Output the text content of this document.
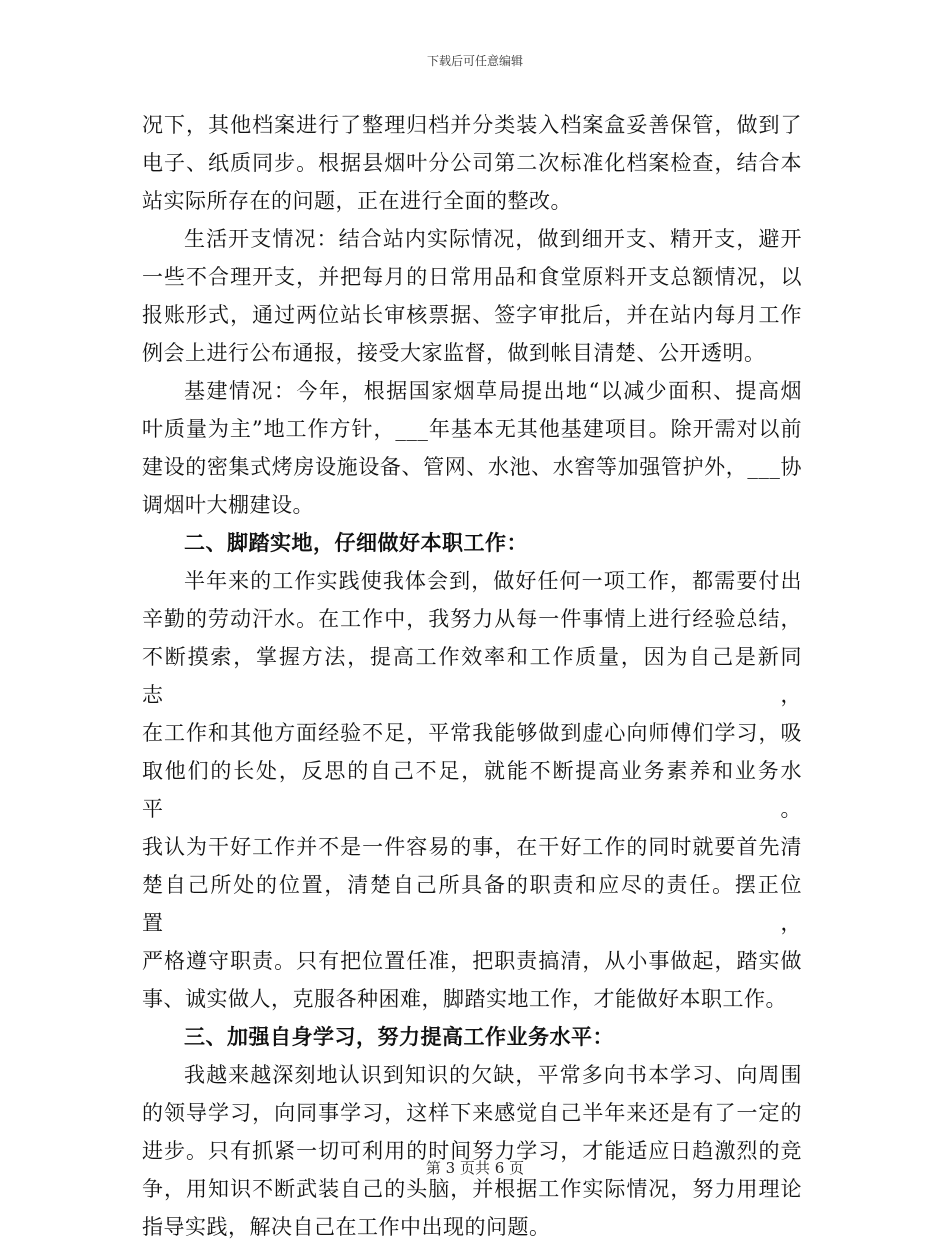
下载后可任意编辑

况下，其他档案进行了整理归档并分类装入档案盒妥善保管，做到了

电子、纸质同步。根据县烟叶分公司第二次标准化档案检查，结合本

站实际所存在的问题，正在进行全面的整改。

生活开支情况：结合站内实际情况，做到细开支、精开支，避开

一些不合理开支，并把每月的日常用品和食堂原料开支总额情况，以

报账形式，通过两位站长审核票据、签字审批后，并在站内每月工作

例会上进行公布通报，接受大家监督，做到帐目清楚、公开透明。

基建情况：今年，根据国家烟草局提出地“以减少面积、提高烟

叶质量为主”地工作方针，___年基本无其他基建项目。除开需对以前

建设的密集式烤房设施设备、管网、水池、水窖等加强管护外，___协

调烟叶大棚建设。

二、脚踏实地，仔细做好本职工作：

半年来的工作实践使我体会到，做好任何一项工作，都需要付出

辛勤的劳动汗水。在工作中，我努力从每一件事情上进行经验总结，

不断摸索，掌握方法，提高工作效率和工作质量，因为自己是新同志，

在工作和其他方面经验不足，平常我能够做到虚心向师傅们学习，吸

取他们的长处，反思的自己不足，就能不断提高业务素养和业务水平。

我认为干好工作并不是一件容易的事，在干好工作的同时就要首先清

楚自己所处的位置，清楚自己所具备的职责和应尽的责任。摆正位置，

严格遵守职责。只有把位置任准，把职责搞清，从小事做起，踏实做

事、诚实做人，克服各种困难，脚踏实地工作，才能做好本职工作。

三、加强自身学习，努力提高工作业务水平：

我越来越深刻地认识到知识的欠缺，平常多向书本学习、向周围

的领导学习，向同事学习，这样下来感觉自己半年来还是有了一定的

进步。只有抓紧一切可利用的时间努力学习，才能适应日趋激烈的竞

争，用知识不断武装自己的头脑，并根据工作实际情况，努力用理论

指导实践，解决自己在工作中出现的问题。

第 3 页共 6 页
